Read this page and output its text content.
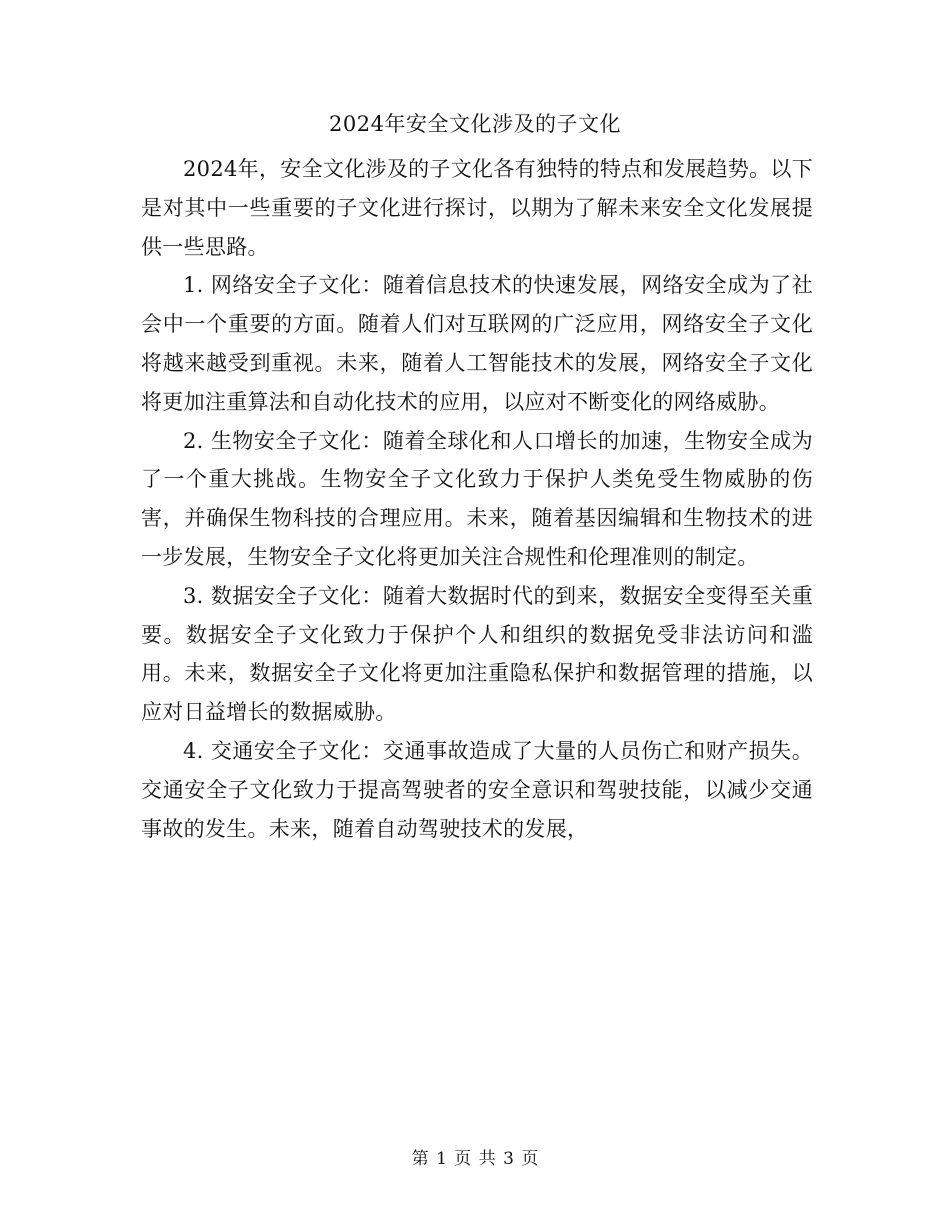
2024年安全文化涉及的子文化

2024年，安全文化涉及的子文化各有独特的特点和发展趋势。以下是对其中一些重要的子文化进行探讨，以期为了解未来安全文化发展提供一些思路。

1. 网络安全子文化：随着信息技术的快速发展，网络安全成为了社会中一个重要的方面。随着人们对互联网的广泛应用，网络安全子文化将越来越受到重视。未来，随着人工智能技术的发展，网络安全子文化将更加注重算法和自动化技术的应用，以应对不断变化的网络威胁。

2. 生物安全子文化：随着全球化和人口增长的加速，生物安全成为了一个重大挑战。生物安全子文化致力于保护人类免受生物威胁的伤害，并确保生物科技的合理应用。未来，随着基因编辑和生物技术的进一步发展，生物安全子文化将更加关注合规性和伦理准则的制定。

3. 数据安全子文化：随着大数据时代的到来，数据安全变得至关重要。数据安全子文化致力于保护个人和组织的数据免受非法访问和滥用。未来，数据安全子文化将更加注重隐私保护和数据管理的措施，以应对日益增长的数据威胁。

4. 交通安全子文化：交通事故造成了大量的人员伤亡和财产损失。交通安全子文化致力于提高驾驶者的安全意识和驾驶技能，以减少交通事故的发生。未来，随着自动驾驶技术的发展，

第 1 页 共 3 页
